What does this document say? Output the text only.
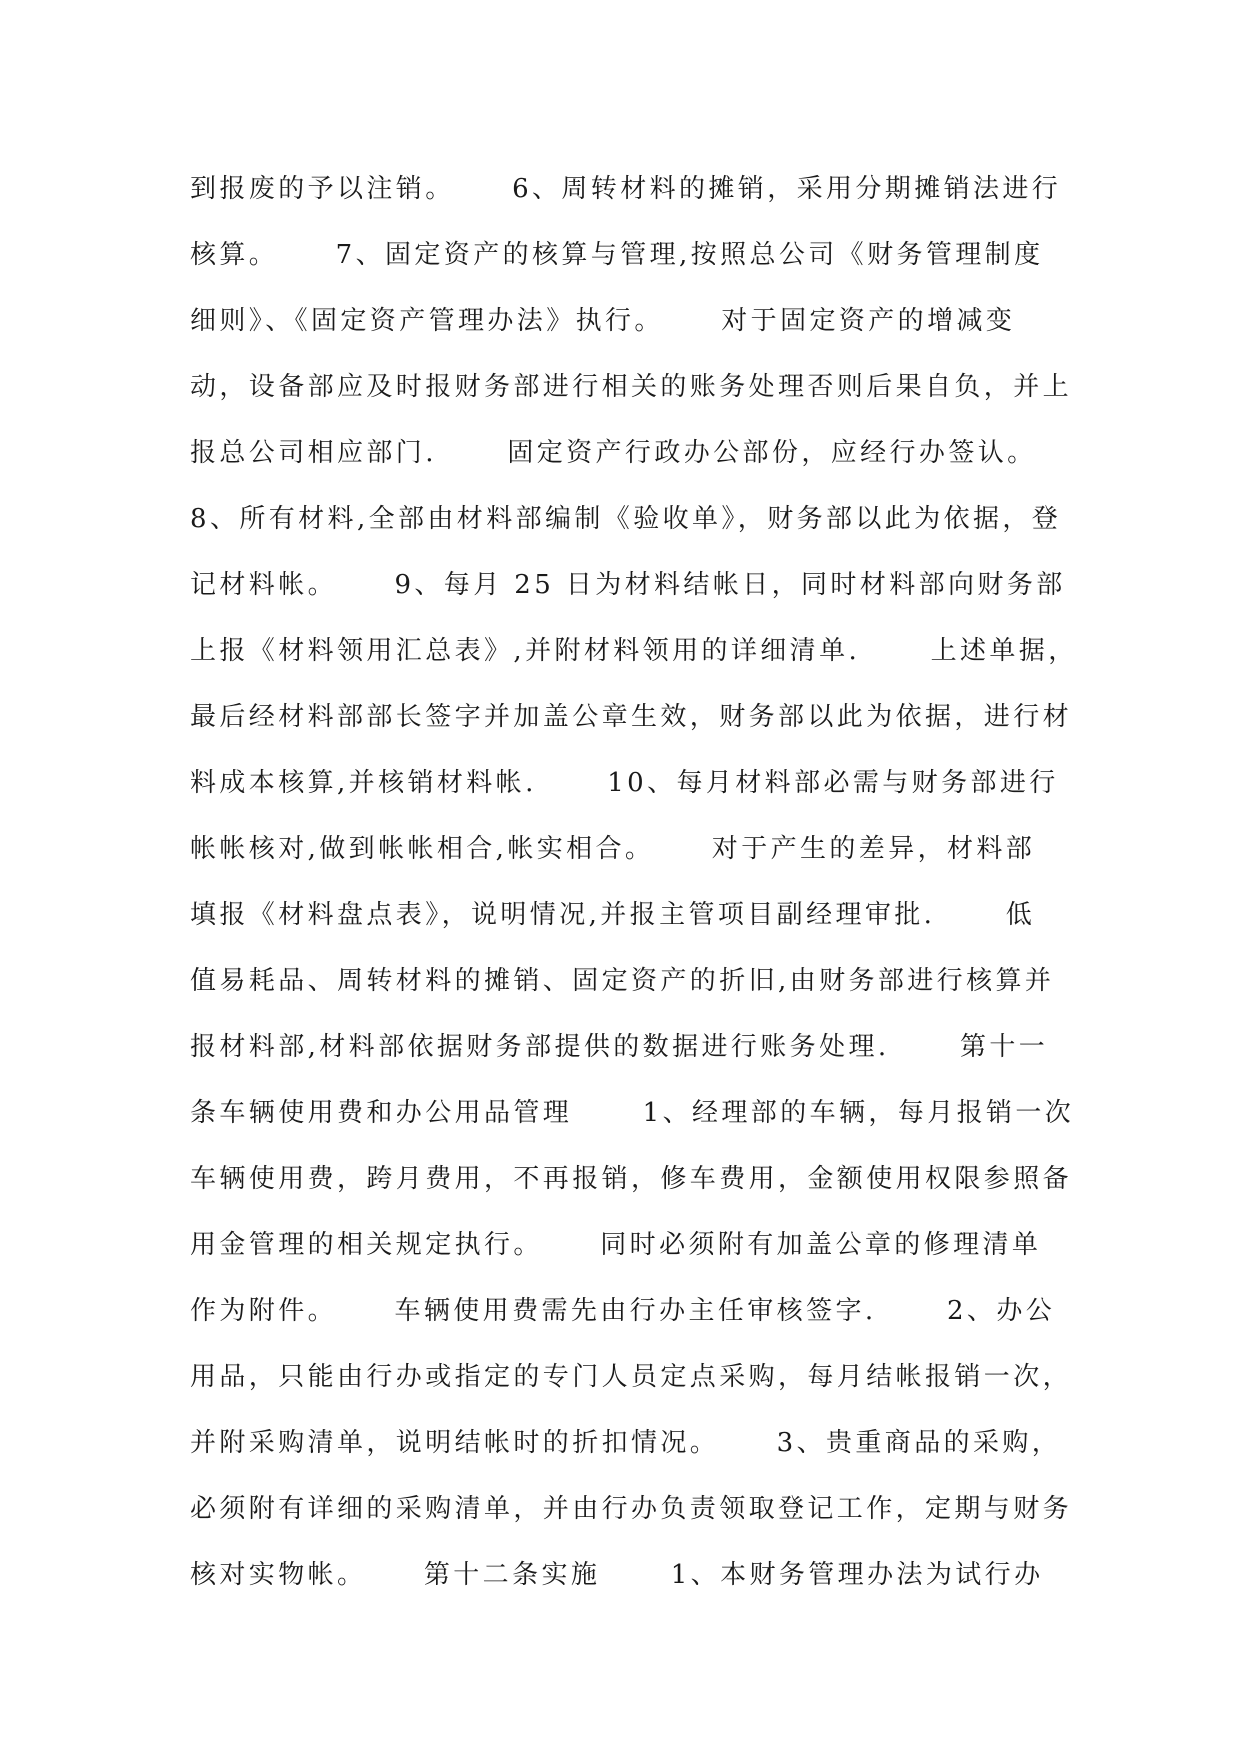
到报废的予以注销。　　 6、周转材料的摊销，采用分期摊销法进行
核算。　　 7、固定资产的核算与管理,按照总公司《财务管理制度
细则》、《固定资产管理办法》执行。　　 对于固定资产的增减变
动，设备部应及时报财务部进行相关的账务处理否则后果自负，并上
报总公司相应部门.　　 固定资产行政办公部份，应经行办签认。
8、所有材料,全部由材料部编制《验收单》，财务部以此为依据，登
记材料帐。　　 9、每月 25 日为材料结帐日，同时材料部向财务部
上报《材料领用汇总表》,并附材料领用的详细清单.　　 上述单据，
最后经材料部部长签字并加盖公章生效，财务部以此为依据，进行材
料成本核算,并核销材料帐.　　 10、每月材料部必需与财务部进行
帐帐核对,做到帐帐相合,帐实相合。　　 对于产生的差异，材料部
填报《材料盘点表》，说明情况,并报主管项目副经理审批.　　 低
值易耗品、周转材料的摊销、固定资产的折旧,由财务部进行核算并
报材料部,材料部依据财务部提供的数据进行账务处理.　　 第十一
条车辆使用费和办公用品管理　　 1、经理部的车辆，每月报销一次
车辆使用费，跨月费用，不再报销，修车费用，金额使用权限参照备
用金管理的相关规定执行。　　 同时必须附有加盖公章的修理清单
作为附件。　　 车辆使用费需先由行办主任审核签字.　　 2、办公
用品，只能由行办或指定的专门人员定点采购，每月结帐报销一次，
并附采购清单，说明结帐时的折扣情况。　　 3、贵重商品的采购，
必须附有详细的采购清单，并由行办负责领取登记工作，定期与财务
核对实物帐。　　 第十二条实施　　 1、本财务管理办法为试行办
